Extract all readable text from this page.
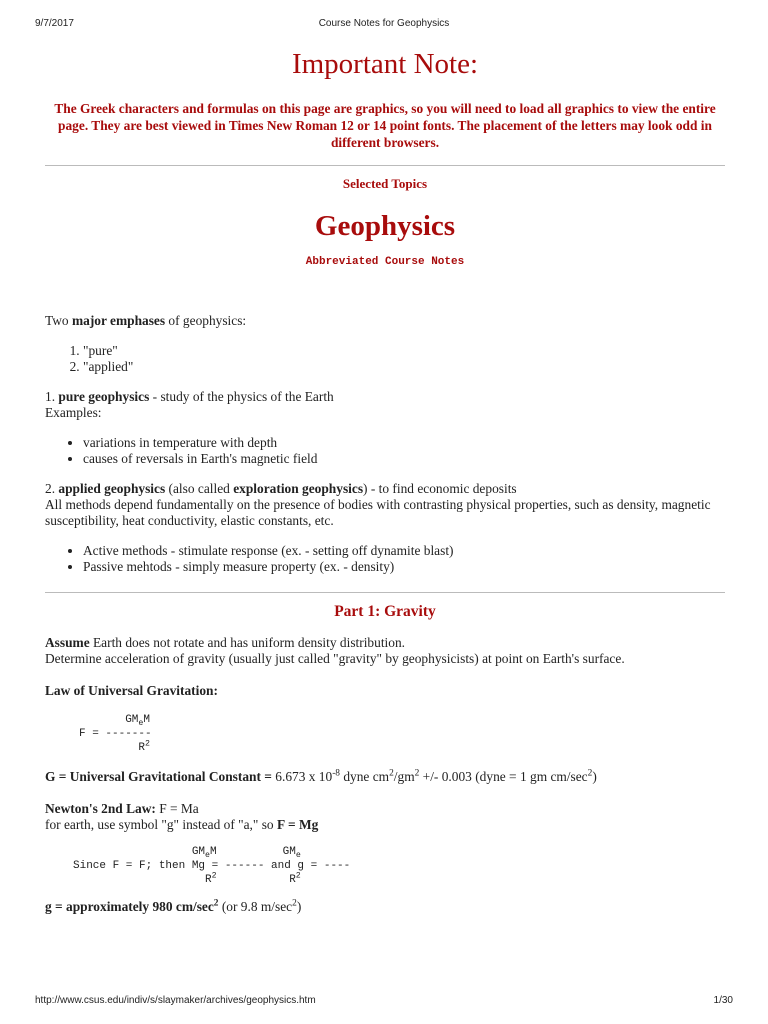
9/7/2017	Course Notes for Geophysics
Important Note:

The Greek characters and formulas on this page are graphics, so you will need to load all graphics to view the entire page. They are best viewed in Times New Roman 12 or 14 point fonts. The placement of the letters may look odd in different browsers.

Selected Topics
Geophysics
Abbreviated Course Notes

Two major emphases of geophysics:

1. "pure"
2. "applied"

1. pure geophysics - study of the physics of the Earth

Examples:

• variations in temperature with depth
• causes of reversals in Earth's magnetic field

2. applied geophysics (also called exploration geophysics) - to find economic deposits

All methods depend fundamentally on the presence of bodies with contrasting physical properties, such as density, magnetic susceptibility, heat conductivity, elastic constants, etc.

• Active methods - stimulate response (ex. - setting off dynamite blast)
• Passive mehtods - simply measure property (ex. - density)
Part 1: Gravity

Assume Earth does not rotate and has uniform density distribution.

Determine acceleration of gravity (usually just called "gravity" by geophysicists) at point on Earth's surface.

Law of Universal Gravitation:

$GM_eM$
F = -------
$R^2$

G = Universal Gravitational Constant = 6.673 x $10^{-8}$ dyne $cm^2/gm^2$ +/- 0.003 (dyne = 1 gm $cm/\sec^2$)

Newton's 2nd Law: F = Ma

for earth, use symbol "g" instead of "a," so F = Mg

$GM_eM$          $GM_e$
Since F = F; then Mg = ------ and g = ----
$R^2$           $R^2$

g = approximately 980 $cm/\sec^2$ (or 9.8 $m/\sec^2$)

http://www.csus.edu/indiv/s/slaymaker/archives/geophysics.htm	1/30
